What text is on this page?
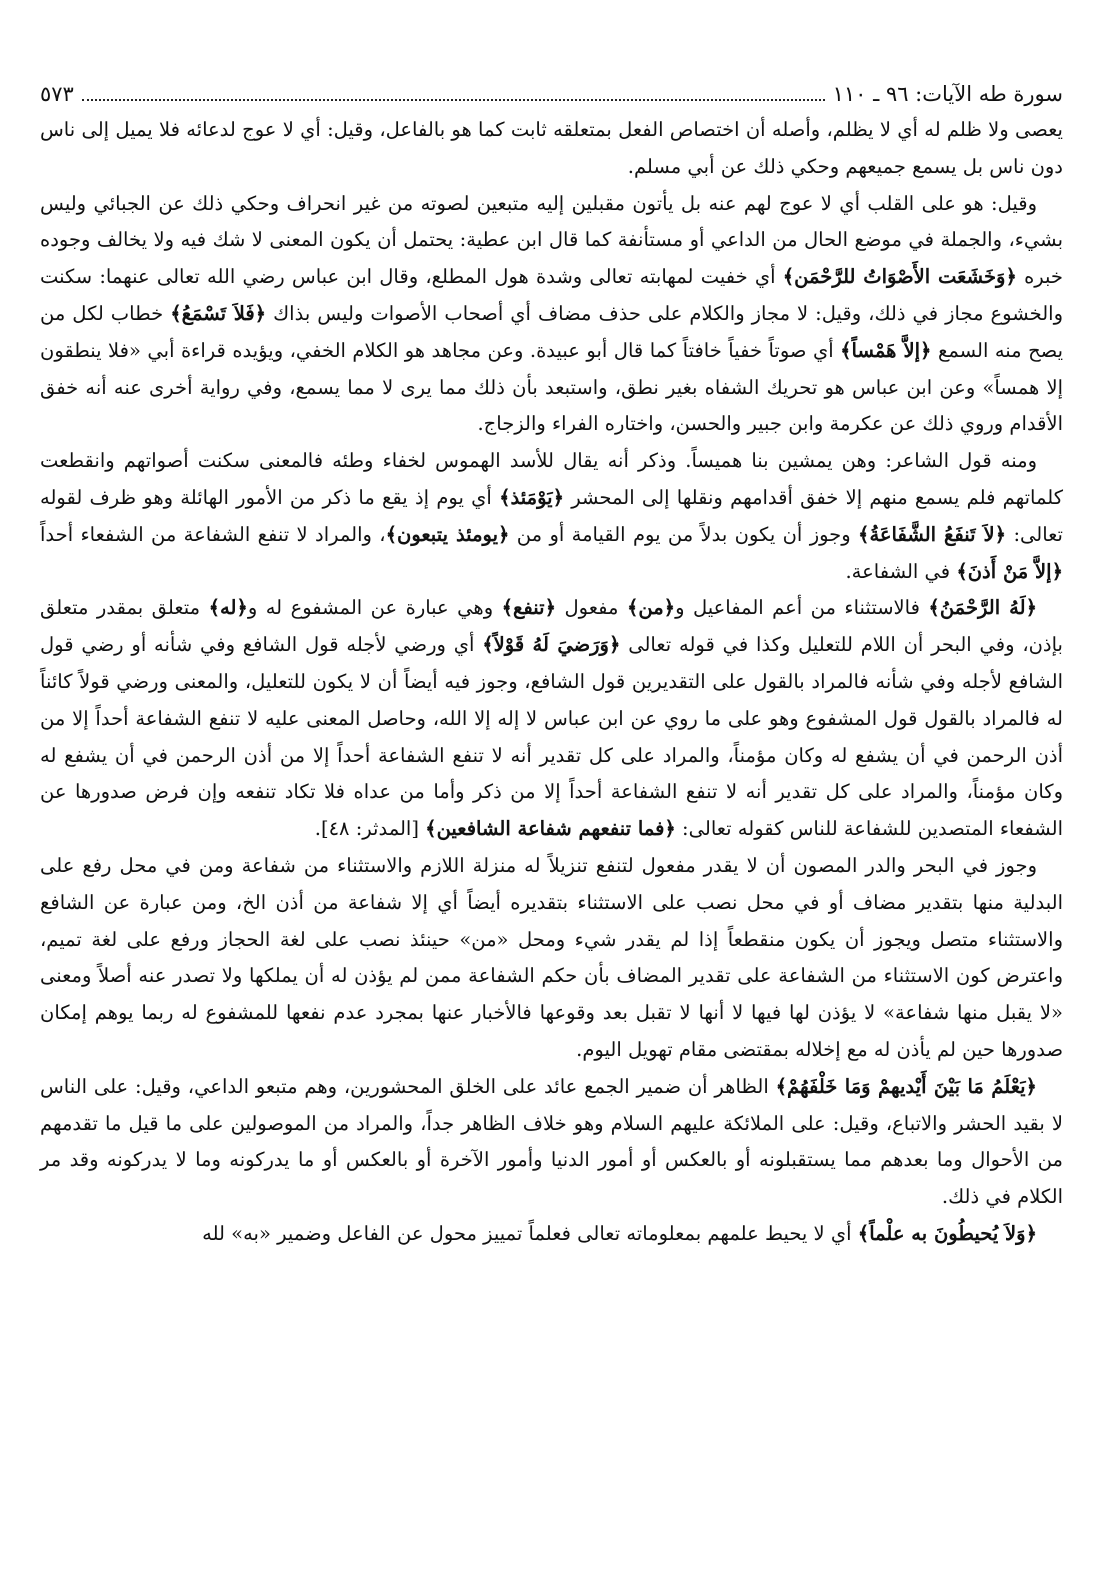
سورة طه الآيات: ٩٦ ـ ١١٠
٥٧٣

يعصى ولا ظلم له أي لا يظلم، وأصله أن اختصاص الفعل بمتعلقه ثابت كما هو بالفاعل، وقيل: أي لا عوج لدعائه فلا يميل إلى ناس دون ناس بل يسمع جميعهم وحكي ذلك عن أبي مسلم.

وقيل: هو على القلب أي لا عوج لهم عنه بل يأتون مقبلين إليه متبعين لصوته من غير انحراف وحكي ذلك عن الجبائي وليس بشيء، والجملة في موضع الحال من الداعي أو مستأنفة كما قال ابن عطية: يحتمل أن يكون المعنى لا شك فيه ولا يخالف وجوده خبره ﴿وَخَشَعَت الأَصْوَاتُ للرَّحْمَن﴾ أي خفيت لمهابته تعالى وشدة هول المطلع، وقال ابن عباس رضي الله تعالى عنهما: سكنت والخشوع مجاز في ذلك، وقيل: لا مجاز والكلام على حذف مضاف أي أصحاب الأصوات وليس بذاك ﴿فَلاَ تَسْمَعُ﴾ خطاب لكل من يصح منه السمع ﴿إلاَّ هَمْساً﴾ أي صوتاً خفياً خافتاً كما قال أبو عبيدة. وعن مجاهد هو الكلام الخفي، ويؤيده قراءة أبي «فلا ينطقون إلا همساً» وعن ابن عباس هو تحريك الشفاه بغير نطق، واستبعد بأن ذلك مما يرى لا مما يسمع، وفي رواية أخرى عنه أنه خفق الأقدام وروي ذلك عن عكرمة وابن جبير والحسن، واختاره الفراء والزجاج.

ومنه قول الشاعر: وهن يمشين بنا هميساً. وذكر أنه يقال للأسد الهموس لخفاء وطئه فالمعنى سكنت أصواتهم وانقطعت كلماتهم فلم يسمع منهم إلا خفق أقدامهم ونقلها إلى المحشر ﴿يَوْمَئذ﴾ أي يوم إذ يقع ما ذكر من الأمور الهائلة وهو ظرف لقوله تعالى: ﴿لاَ تَنفَعُ الشَّفَاعَةُ﴾ وجوز أن يكون بدلاً من يوم القيامة أو من ﴿يومئذ يتبعون﴾، والمراد لا تنفع الشفاعة من الشفعاء أحداً ﴿إلاَّ مَنْ أَذنَ﴾ في الشفاعة.

﴿لَهُ الرَّحْمَنُ﴾ فالاستثناء من أعم المفاعيل و﴿من﴾ مفعول ﴿تنفع﴾ وهي عبارة عن المشفوع له و﴿له﴾ متعلق بمقدر متعلق بإذن، وفي البحر أن اللام للتعليل وكذا في قوله تعالى ﴿وَرَضيَ لَهُ قَوْلاً﴾ أي ورضي لأجله قول الشافع وفي شأنه أو رضي قول الشافع لأجله وفي شأنه فالمراد بالقول على التقديرين قول الشافع، وجوز فيه أيضاً أن لا يكون للتعليل، والمعنى ورضي قولاً كائناً له فالمراد بالقول قول المشفوع وهو على ما روي عن ابن عباس لا إله إلا الله، وحاصل المعنى عليه لا تنفع الشفاعة أحداً إلا من أذن الرحمن في أن يشفع له وكان مؤمناً، والمراد على كل تقدير أنه لا تنفع الشفاعة أحداً إلا من أذن الرحمن في أن يشفع له وكان مؤمناً، والمراد على كل تقدير أنه لا تنفع الشفاعة أحداً إلا من ذكر وأما من عداه فلا تكاد تنفعه وإن فرض صدورها عن الشفعاء المتصدين للشفاعة للناس كقوله تعالى: ﴿فما تنفعهم شفاعة الشافعين﴾ [المدثر: ٤٨].

وجوز في البحر والدر المصون أن لا يقدر مفعول لتنفع تنزيلاً له منزلة اللازم والاستثناء من شفاعة ومن في محل رفع على البدلية منها بتقدير مضاف أو في محل نصب على الاستثناء بتقديره أيضاً أي إلا شفاعة من أذن الخ، ومن عبارة عن الشافع والاستثناء متصل ويجوز أن يكون منقطعاً إذا لم يقدر شيء ومحل «من» حينئذ نصب على لغة الحجاز ورفع على لغة تميم، واعترض كون الاستثناء من الشفاعة على تقدير المضاف بأن حكم الشفاعة ممن لم يؤذن له أن يملكها ولا تصدر عنه أصلاً ومعنى «لا يقبل منها شفاعة» لا يؤذن لها فيها لا أنها لا تقبل بعد وقوعها فالأخبار عنها بمجرد عدم نفعها للمشفوع له ربما يوهم إمكان صدورها حين لم يأذن له مع إخلاله بمقتضى مقام تهويل اليوم.

﴿يَعْلَمُ مَا بَيْنَ أَيْديهمْ وَمَا خَلْفَهُمْ﴾ الظاهر أن ضمير الجمع عائد على الخلق المحشورين، وهم متبعو الداعي، وقيل: على الناس لا بقيد الحشر والاتباع، وقيل: على الملائكة عليهم السلام وهو خلاف الظاهر جداً، والمراد من الموصولين على ما قيل ما تقدمهم من الأحوال وما بعدهم مما يستقبلونه أو بالعكس أو أمور الدنيا وأمور الآخرة أو بالعكس أو ما يدركونه وما لا يدركونه وقد مر الكلام في ذلك.

﴿وَلاَ يُحيطُونَ به علْماً﴾ أي لا يحيط علمهم بمعلوماته تعالى فعلماً تمييز محول عن الفاعل وضمير «به» لله
